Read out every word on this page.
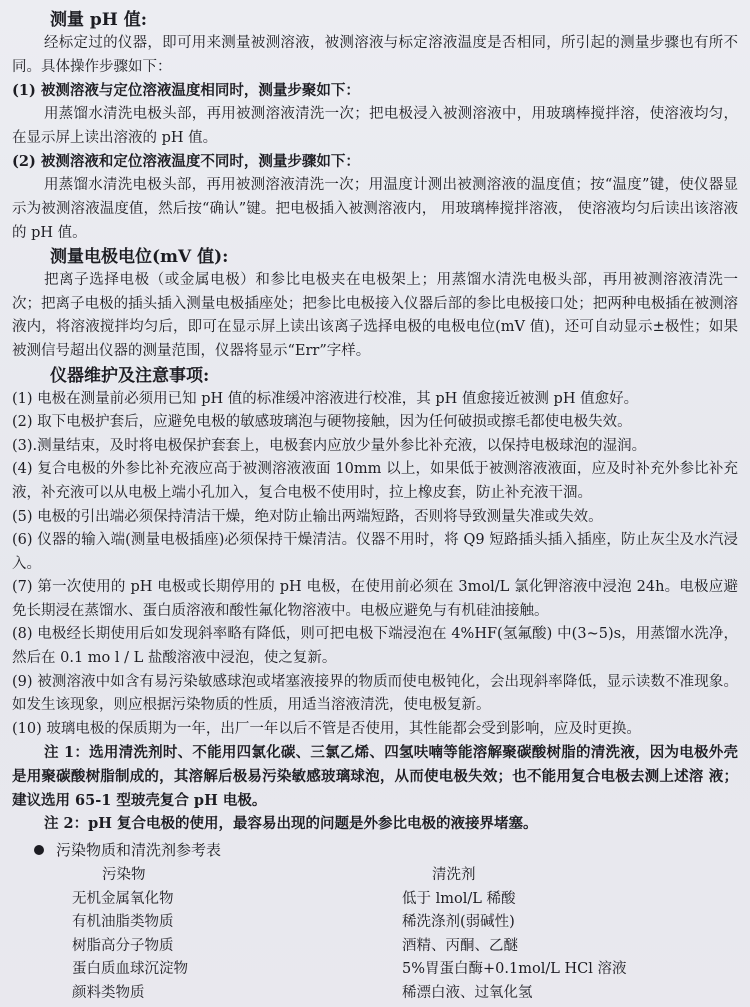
测量 pH 值:

经标定过的仪器，即可用来测量被测溶液，被测溶液与标定溶液温度是否相同，所引起的测量步骤也有所不同。具体操作步骤如下：

(1) 被测溶液与定位溶液温度相同时，测量步聚如下：

用蒸馏水清洗电极头部，再用被测溶液清洗一次；把电极浸入被测溶液中，用玻璃棒搅拌溶，使溶液均匀，在显示屏上读出溶液的 pH 值。

(2) 被测溶液和定位溶液温度不同时，测量步骤如下：

用蒸馏水清洗电极头部，再用被测溶液清洗一次；用温度计测出被测溶液的温度值；按“温度”键，使仪器显示为被测溶液温度值，然后按“确认”键。把电极插入被测溶液内， 用玻璃棒搅拌溶液， 使溶液均匀后读出该溶液的 pH 值。

测量电极电位(mV 值):

把离子选择电极（或金属电极）和参比电极夹在电极架上；用蒸馏水清洗电极头部，再用被测溶液清洗一次；把离子电极的插头插入测量电极插座处；把参比电极接入仪器后部的参比电极接口处；把两种电极插在被测溶液内，将溶液搅拌均匀后，即可在显示屏上读出该离子选择电极的电极电位(mV 值)，还可自动显示±极性；如果被测信号超出仪器的测量范围，仪器将显示“Err”字样。

仪器维护及注意事项:

(1) 电极在测量前必须用已知 pH 值的标准缓冲溶液进行校准，其 pH 值愈接近被测 pH 值愈好。

(2) 取下电极护套后，应避免电极的敏感玻璃泡与硬物接触，因为任何破损或擦毛都使电极失效。

(3).测量结束，及时将电极保护套套上，电极套内应放少量外参比补充液，以保持电极球泡的湿润。

(4) 复合电极的外参比补充液应高于被测溶液液面 10mm 以上，如果低于被测溶液液面，应及时补充外参比补充液，补充液可以从电极上端小孔加入，复合电极不使用时，拉上橡皮套，防止补充液干涸。

(5) 电极的引出端必须保持清洁干燥，绝对防止输出两端短路，否则将导致测量失准或失效。

(6) 仪器的输入端(测量电极插座)必须保持干燥清洁。仪器不用时，将 Q9 短路插头插入插座，防止灰尘及水汽浸入。

(7) 第一次使用的 pH 电极或长期停用的 pH 电极，在使用前必须在 3mol/L 氯化钾溶液中浸泡 24h。电极应避免长期浸在蒸馏水、蛋白质溶液和酸性氟化物溶液中。电极应避免与有机硅油接触。

(8) 电极经长期使用后如发现斜率略有降低，则可把电极下端浸泡在 4%HF(氢氟酸) 中(3~5)s，用蒸馏水洗净，然后在 0.1 mo l / L 盐酸溶液中浸泡，使之复新。

(9) 被测溶液中如含有易污染敏感球泡或堵塞液接界的物质而使电极钝化，会出现斜率降低，显示读数不准现象。如发生该现象，则应根据污染物质的性质，用适当溶液清洗，使电极复新。

(10) 玻璃电极的保质期为一年，出厂一年以后不管是否使用，其性能都会受到影响，应及时更换。

注 1：选用清洗剂时、不能用四氯化碳、三氯乙烯、四氢呋喃等能溶解聚碳酸树脂的清洗液，因为电极外壳是用聚碳酸树脂制成的，其溶解后极易污染敏感玻璃球泡，从而使电极失效；也不能用复合电极去测上述溶 液；建议选用 65-1 型玻壳复合 pH 电极。

注 2：pH 复合电极的使用，最容易出现的问题是外参比电极的液接界堵塞。

污染物质和清洗剂参考表
污染物	清洗剂
无机金属氧化物	低于 lmol/L 稀酸
有机油脂类物质	稀洗涤剂(弱碱性)
树脂高分子物质	酒精、丙酮、乙醚
蛋白质血球沉淀物	5%胃蛋白酶+0.1mol/L HCl 溶液
颜料类物质	稀漂白液、过氧化氢
